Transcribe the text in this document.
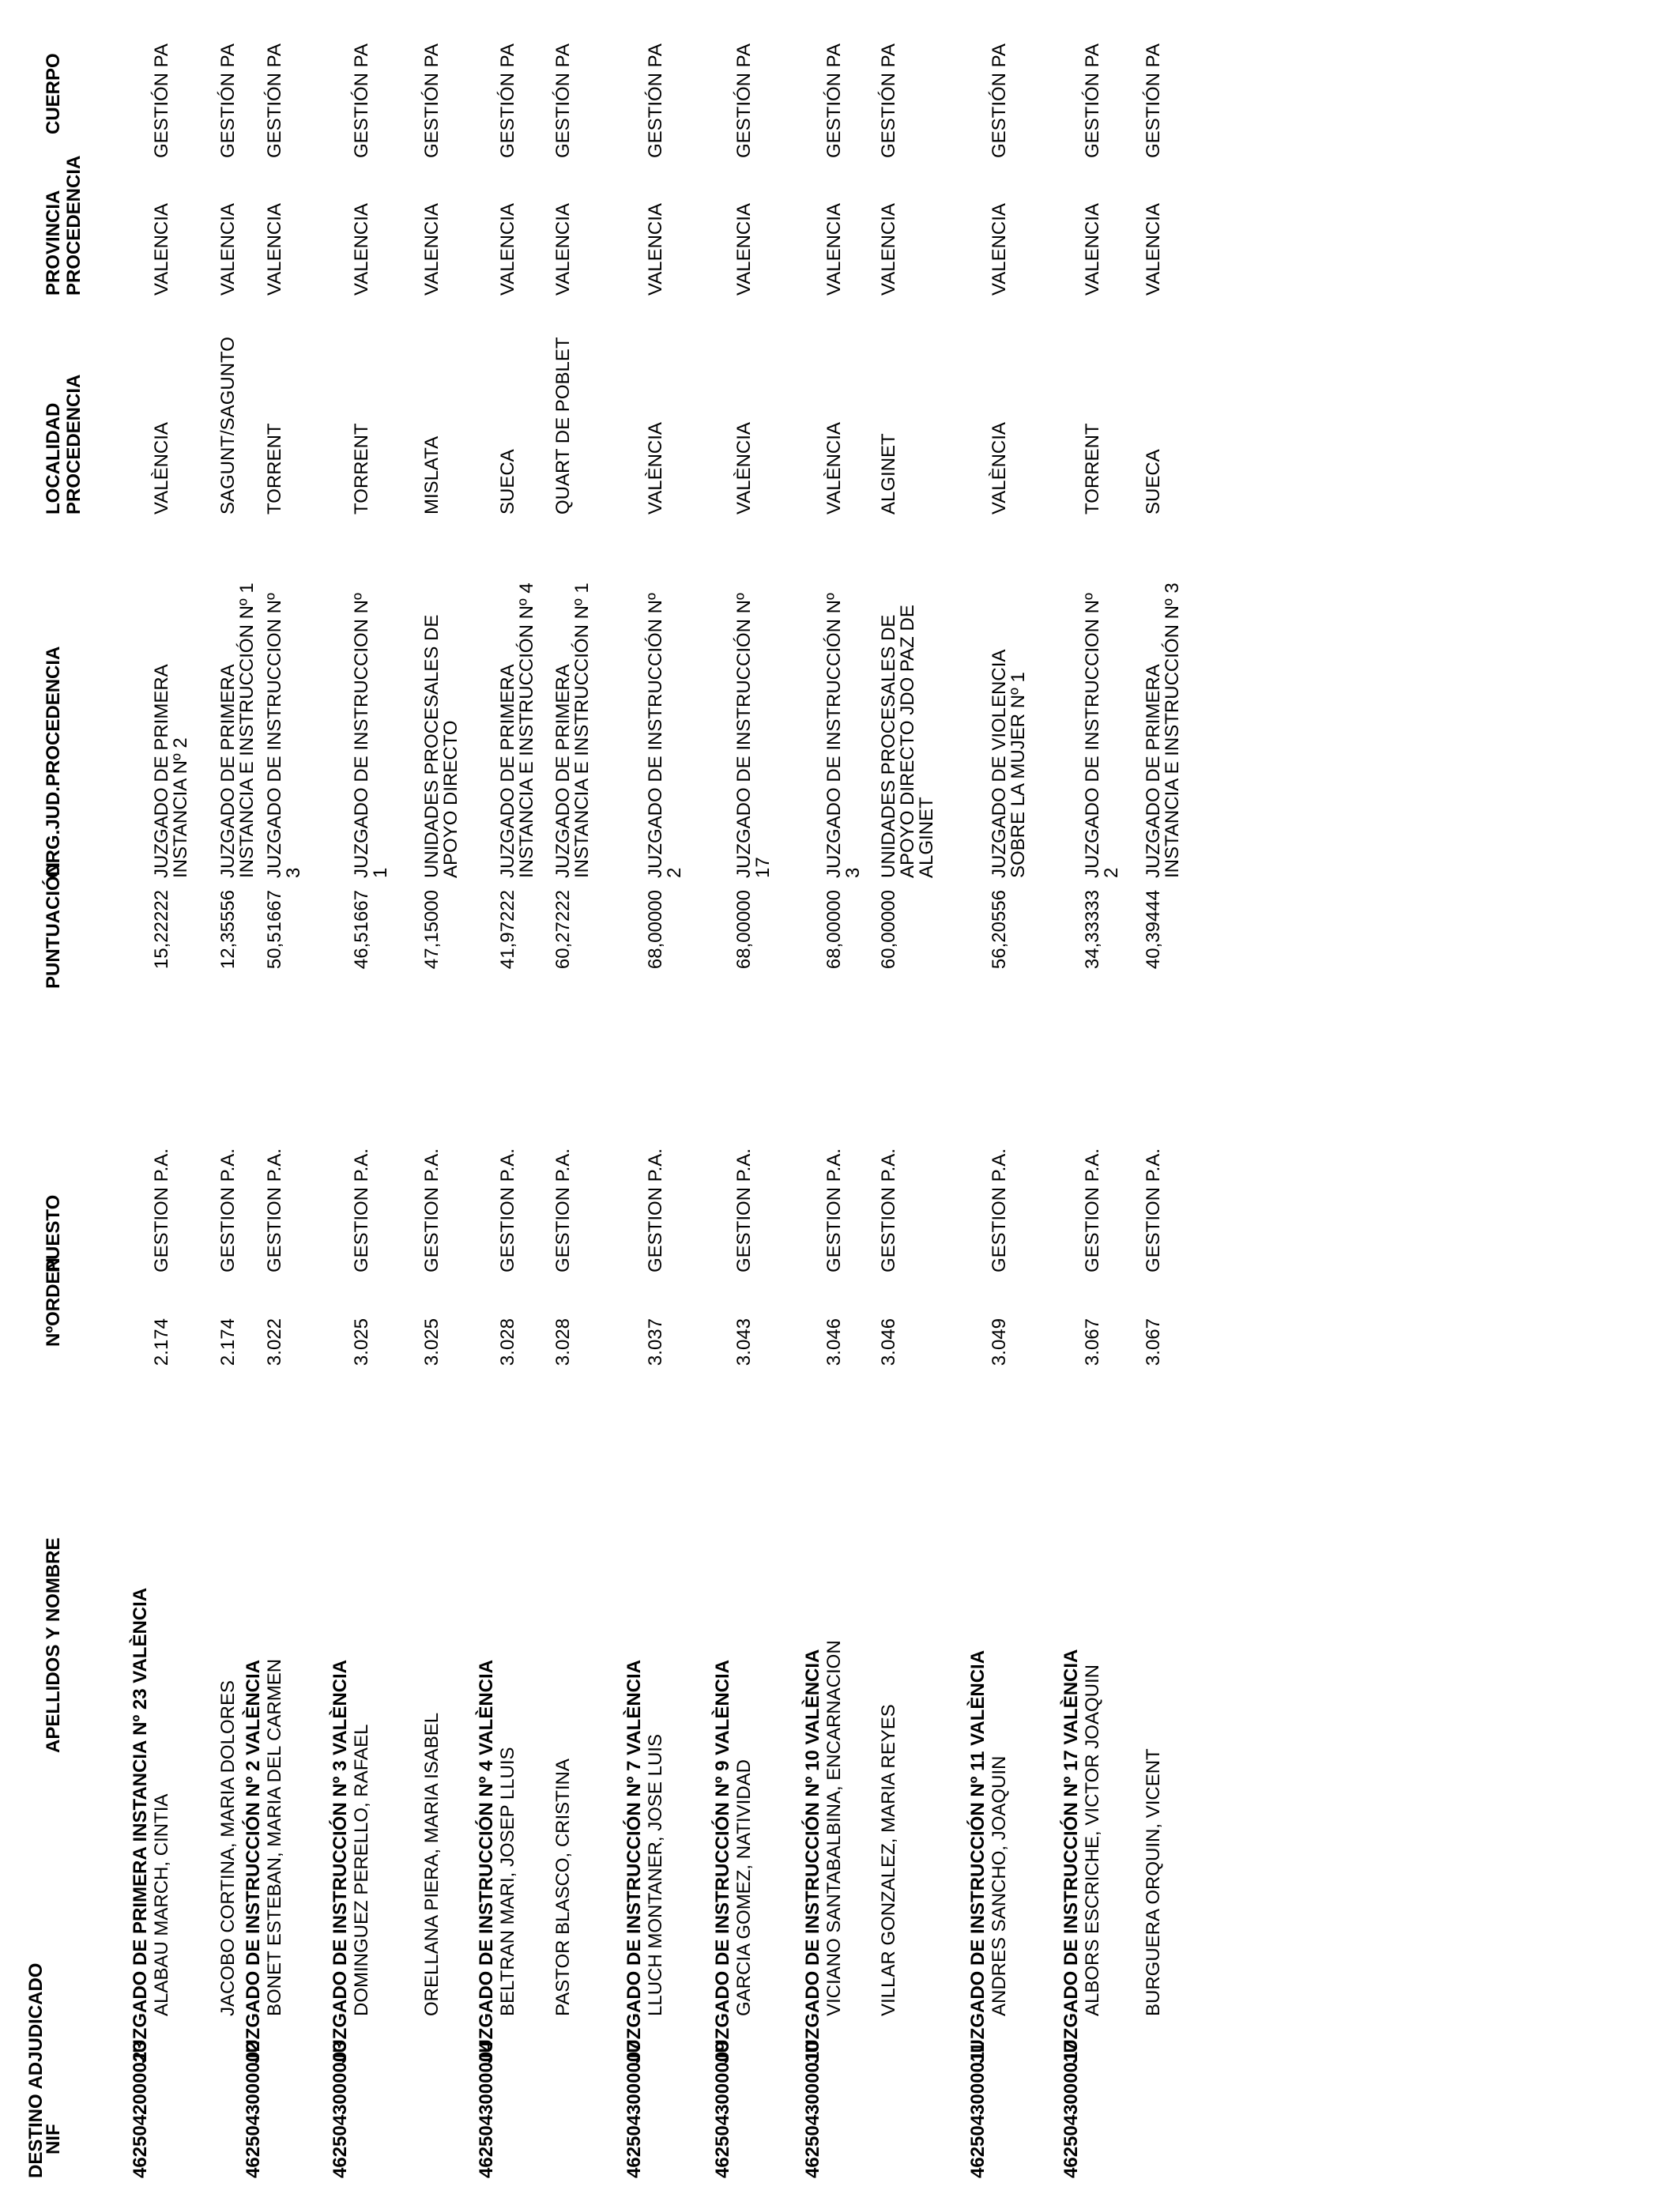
DESTINO ADJUDICADO
NIF
APELLIDOS Y NOMBRE
NºORDEN
PUESTO
PUNTUACIÓN
ORG.JUD.PROCEDENCIA
LOCALIDAD PROCEDENCIA
PROVINCIA PROCEDENCIA
CUERPO
4625042000023
JUZGADO DE PRIMERA INSTANCIA Nº 23 VALÈNCIA ALABAU MARCH, CINTIA
2.174
GESTION P.A.
15,22222
JUZGADO DE PRIMERA
INSTANCIA Nº 2
VALÈNCIA
VALENCIA
GESTIÓN PA
JACOBO CORTINA, MARIA DOLORES
2.174
GESTION P.A.
12,35556
JUZGADO DE PRIMERA
INSTANCIA E INSTRUCCIÓN Nº 1
SAGUNT/SAGUNTO
VALENCIA
GESTIÓN PA
4625043000002
JUZGADO DE INSTRUCCIÓN Nº 2 VALÈNCIA BONET ESTEBAN, MARIA DEL CARMEN
3.022
GESTION P.A.
50,51667
JUZGADO DE INSTRUCCION Nº
3
TORRENT
VALENCIA
GESTIÓN PA
4625043000003
JUZGADO DE INSTRUCCIÓN Nº 3 VALÈNCIA DOMINGUEZ PERELLO, RAFAEL
3.025
GESTION P.A.
46,51667
JUZGADO DE INSTRUCCION Nº
1
TORRENT
VALENCIA
GESTIÓN PA
ORELLANA PIERA, MARIA ISABEL
3.025
GESTION P.A.
47,15000
UNIDADES PROCESALES DE
APOYO DIRECTO
MISLATA
VALENCIA
GESTIÓN PA
4625043000004
JUZGADO DE INSTRUCCIÓN Nº 4 VALÈNCIA BELTRAN MARI, JOSEP LLUIS
3.028
GESTION P.A.
41,97222
JUZGADO DE PRIMERA
INSTANCIA E INSTRUCCIÓN Nº 4
SUECA
VALENCIA
GESTIÓN PA
PASTOR BLASCO, CRISTINA
3.028
GESTION P.A.
60,27222
JUZGADO DE PRIMERA
INSTANCIA E INSTRUCCIÓN Nº 1
QUART DE POBLET
VALENCIA
GESTIÓN PA
4625043000007
JUZGADO DE INSTRUCCIÓN Nº 7 VALÈNCIA LLUCH MONTANER, JOSE LUIS
3.037
GESTION P.A.
68,00000
JUZGADO DE INSTRUCCIÓN Nº
2
VALÈNCIA
VALENCIA
GESTIÓN PA
4625043000009
JUZGADO DE INSTRUCCIÓN Nº 9 VALÈNCIA GARCIA GOMEZ, NATIVIDAD
3.043
GESTION P.A.
68,00000
JUZGADO DE INSTRUCCIÓN Nº
17
VALÈNCIA
VALENCIA
GESTIÓN PA
4625043000010
JUZGADO DE INSTRUCCIÓN Nº 10 VALÈNCIA VICIANO SANTABALBINA, ENCARNACION
3.046
GESTION P.A.
68,00000
JUZGADO DE INSTRUCCIÓN Nº
3
VALÈNCIA
VALENCIA
GESTIÓN PA
VILLAR GONZALEZ, MARIA REYES
3.046
GESTION P.A.
60,00000
UNIDADES PROCESALES DE
APOYO DIRECTO JDO PAZ DE
ALGINET
ALGINET
VALENCIA
GESTIÓN PA
4625043000011
JUZGADO DE INSTRUCCIÓN Nº 11 VALÈNCIA ANDRES SANCHO, JOAQUIN
3.049
GESTION P.A.
56,20556
JUZGADO DE VIOLENCIA
SOBRE LA MUJER Nº 1
VALÈNCIA
VALENCIA
GESTIÓN PA
4625043000017
JUZGADO DE INSTRUCCIÓN Nº 17 VALÈNCIA ALBORS ESCRICHE, VICTOR JOAQUIN
3.067
GESTION P.A.
34,33333
JUZGADO DE INSTRUCCION Nº
2
TORRENT
VALENCIA
GESTIÓN PA
BURGUERA ORQUIN, VICENT
3.067
GESTION P.A.
40,39444
JUZGADO DE PRIMERA
INSTANCIA E INSTRUCCIÓN Nº 3
SUECA
VALENCIA
GESTIÓN PA
